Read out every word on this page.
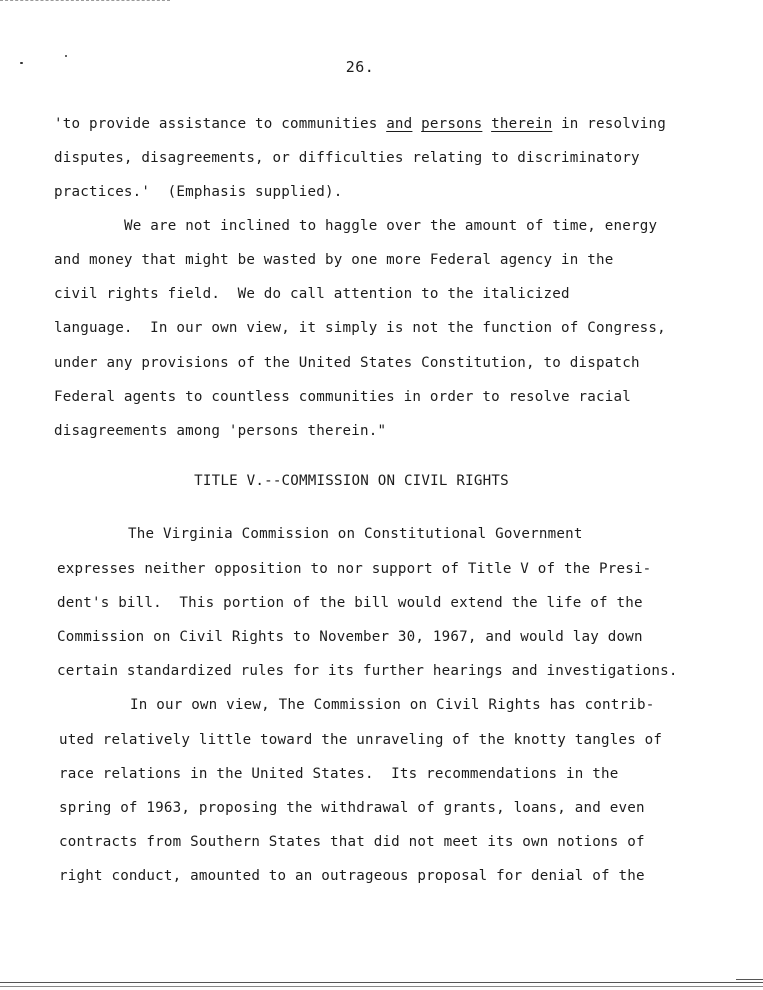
26.
'to provide assistance to communities and persons therein in resolving
disputes, disagreements, or difficulties relating to discriminatory
practices.'  (Emphasis supplied).
We are not inclined to haggle over the amount of time, energy
and money that might be wasted by one more Federal agency in the
civil rights field.  We do call attention to the italicized
language.  In our own view, it simply is not the function of Congress,
under any provisions of the United States Constitution, to dispatch
Federal agents to countless communities in order to resolve racial
disagreements among 'persons therein."
TITLE V.--COMMISSION ON CIVIL RIGHTS
The Virginia Commission on Constitutional Government
expresses neither opposition to nor support of Title V of the Presi-
dent's bill.  This portion of the bill would extend the life of the
Commission on Civil Rights to November 30, 1967, and would lay down
certain standardized rules for its further hearings and investigations.
In our own view, The Commission on Civil Rights has contrib-
uted relatively little toward the unraveling of the knotty tangles of
race relations in the United States.  Its recommendations in the
spring of 1963, proposing the withdrawal of grants, loans, and even
contracts from Southern States that did not meet its own notions of
right conduct, amounted to an outrageous proposal for denial of the
